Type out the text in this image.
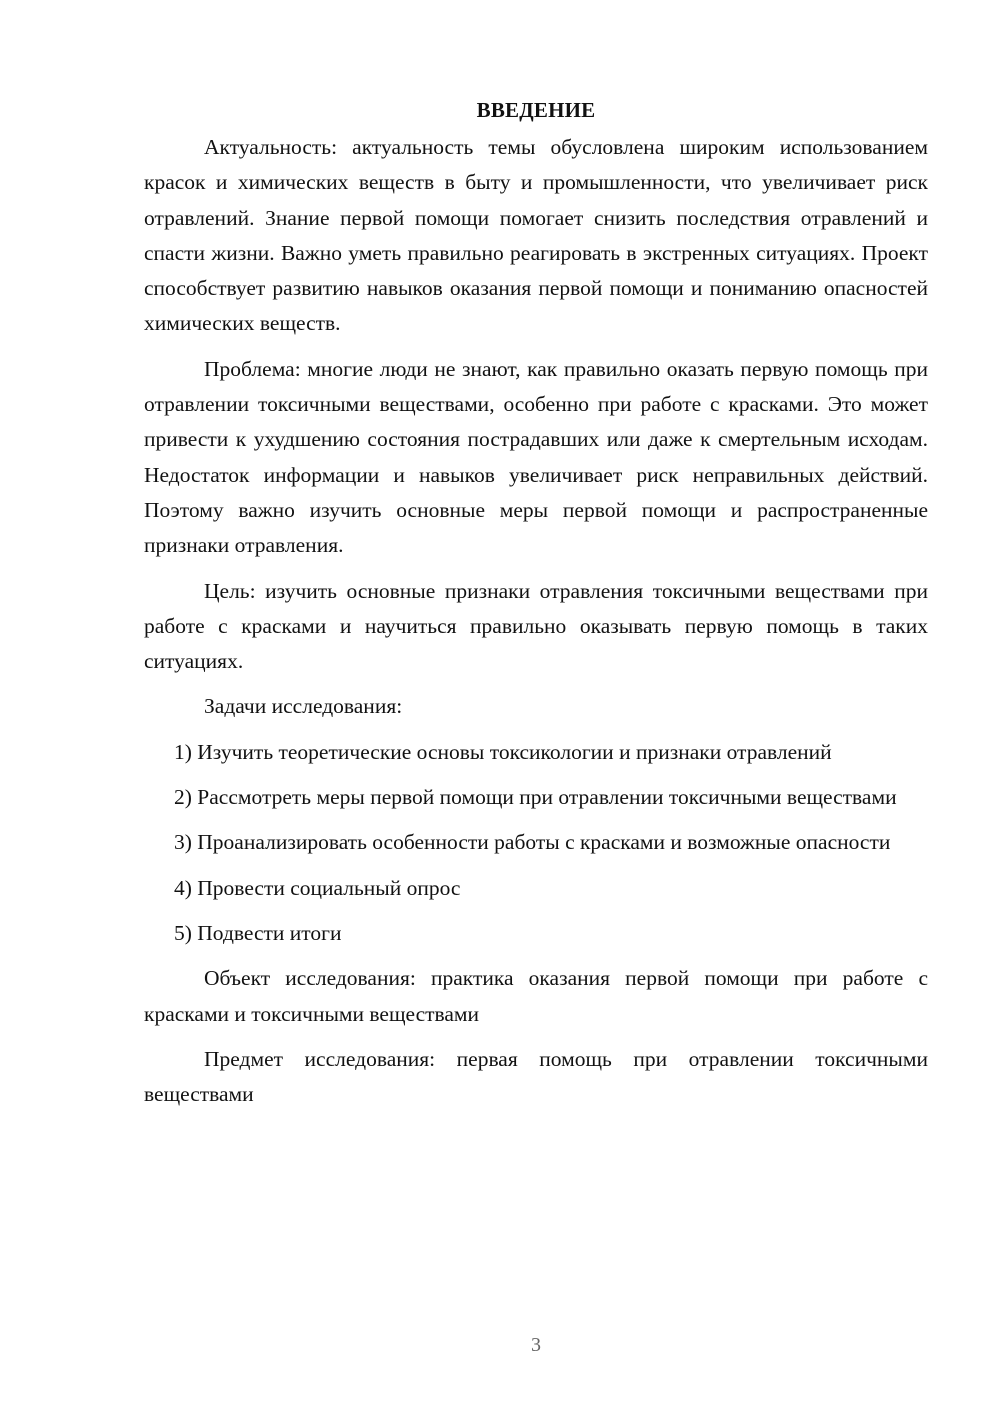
ВВЕДЕНИЕ

Актуальность: актуальность темы обусловлена широким использованием красок и химических веществ в быту и промышленности, что увеличивает риск отравлений. Знание первой помощи помогает снизить последствия отравлений и спасти жизни. Важно уметь правильно реагировать в экстренных ситуациях. Проект способствует развитию навыков оказания первой помощи и пониманию опасностей химических веществ.

Проблема: многие люди не знают, как правильно оказать первую помощь при отравлении токсичными веществами, особенно при работе с красками. Это может привести к ухудшению состояния пострадавших или даже к смертельным исходам. Недостаток информации и навыков увеличивает риск неправильных действий. Поэтому важно изучить основные меры первой помощи и распространенные признаки отравления.

Цель: изучить основные признаки отравления токсичными веществами при работе с красками и научиться правильно оказывать первую помощь в таких ситуациях.

Задачи исследования:

1) Изучить теоретические основы токсикологии и признаки отравлений
2) Рассмотреть меры первой помощи при отравлении токсичными веществами
3) Проанализировать особенности работы с красками и возможные опасности
4) Провести социальный опрос
5) Подвести итоги

Объект исследования: практика оказания первой помощи при работе с красками и токсичными веществами

Предмет исследования: первая помощь при отравлении токсичными веществами

3
